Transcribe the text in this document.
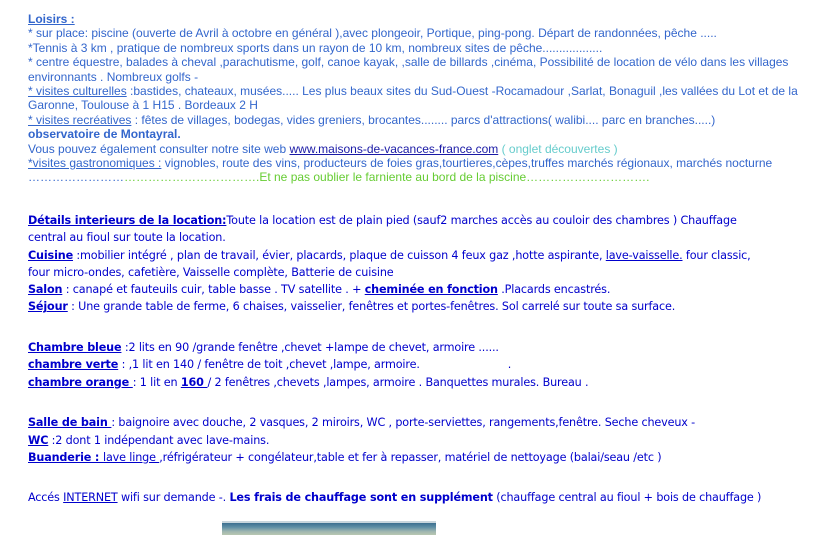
Loisirs :
* sur place: piscine (ouverte de Avril à octobre en général ),avec plongeoir, Portique, ping-pong. Départ de randonnées, pêche .....
*Tennis à 3 km , pratique de nombreux sports dans un rayon de 10 km, nombreux sites de pêche..................
* centre équestre, balades à cheval ,parachutisme, golf, canoe kayak, ,salle de billards ,cinéma, Possibilité de location de vélo dans les villages environnants . Nombreux golfs -
* visites culturelles :bastides, chateaux, musées..... Les plus beaux sites du Sud-Ouest -Rocamadour ,Sarlat, Bonaguil ,les vallées du Lot et de la Garonne, Toulouse à 1 H15 . Bordeaux 2 H
* visites recréatives : fêtes de villages, bodegas, vides greniers, brocantes........ parcs d'attractions( walibi.... parc en branches.....)
observatoire de Montayral.
Vous pouvez également consulter notre site web www.maisons-de-vacances-france.com ( onglet découvertes )
*visites gastronomiques : vignobles, route des vins, producteurs de foies gras,tourtieres,cèpes,truffes marchés régionaux, marchés nocturne
………………………………………………….Et ne pas oublier le farniente au bord de la piscine………………………….
Détails interieurs de la location:Toute la location est de plain pied (sauf2 marches accès au couloir des chambres ) Chauffage
central au fioul sur toute la location.
Cuisine :mobilier intégré , plan de travail, évier, placards, plaque de cuisson 4 feux gaz ,hotte aspirante, lave-vaisselle. four classic,
four micro-ondes, cafetière, Vaisselle complète, Batterie de cuisine
Salon : canapé et fauteuils cuir, table basse . TV satellite . + cheminée en fonction .Placards encastrés.
Séjour : Une grande table de ferme, 6 chaises, vaisselier, fenêtres et portes-fenêtres. Sol carrelé sur toute sa surface.
Chambre bleue :2 lits en 90 /grande fenêtre ,chevet +lampe de chevet, armoire ......
chambre verte : ,1 lit en 140 / fenêtre de toit ,chevet ,lampe, armoire.	.
chambre orange : 1 lit en 160 / 2 fenêtres ,chevets ,lampes, armoire . Banquettes murales. Bureau .
Salle de bain : baignoire avec douche, 2 vasques, 2 miroirs, WC , porte-serviettes, rangements,fenêtre. Seche cheveux -
WC :2 dont 1 indépendant avec lave-mains.
Buanderie : lave linge ,réfrigérateur + congélateur,table et fer à repasser, matériel de nettoyage (balai/seau /etc )
Accés INTERNET wifi sur demande -. Les frais de chauffage sont en supplément (chauffage central au fioul + bois de chauffage )
